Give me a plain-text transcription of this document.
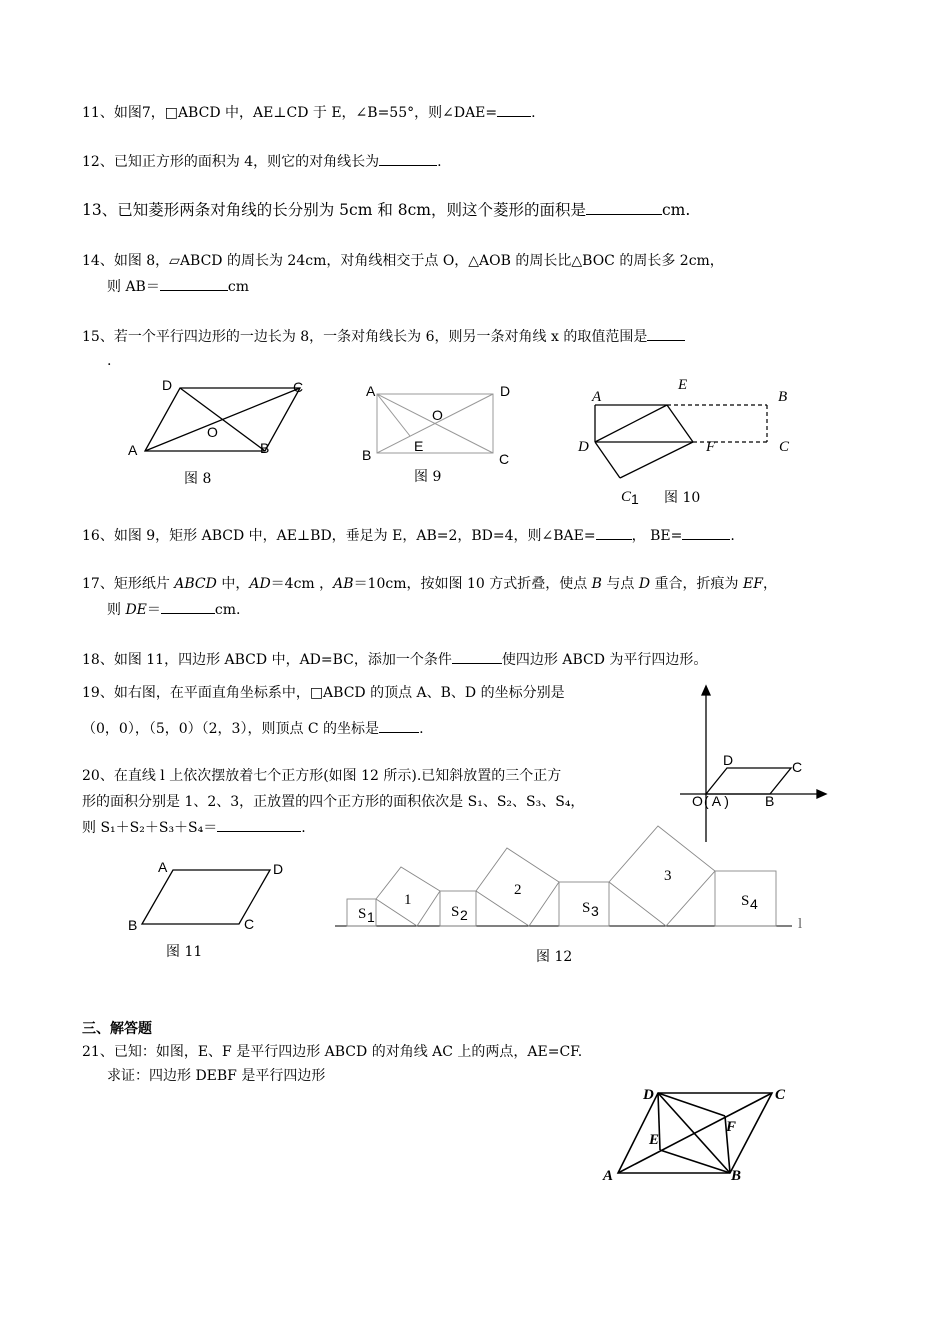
11、如图7，□ABCD 中，AE⊥CD 于 E，∠B=55°，则∠DAE= .
12、已知正方形的面积为 4，则它的对角线长为	.
13、已知菱形两条对角线的长分别为 5cm 和 8cm，则这个菱形的面积是	cm.
14、如图 8，▱ABCD 的周长为 24cm，对角线相交于点 O，△AOB 的周长比△BOC 的周长多 2cm，
则 AB＝	cm
15、若一个平行四边形的一边长为 8，一条对角线长为 6，则另一条对角线 x 的取值范围是
.
D	C
A	B
O
图 8
A	D
B	C
O
E
图 9
A
E
B
D	F	C
C 1 图 10
16、如图 9，矩形 ABCD 中，AE⊥BD，垂足为 E，AB=2，BD=4，则∠BAE=	， BE=	.
17、矩形纸片 ABCD 中，AD＝4cm ，AB＝10cm，按如图 10 方式折叠，使点 B 与点 D 重合，折痕为 EF，
则 DE＝	cm.
18、如图 11，四边形 ABCD 中，AD=BC，添加一个条件	使四边形 ABCD 为平行四边形。
19、如右图，在平面直角坐标系中，□ABCD 的顶点 A、B、D 的坐标分别是
（0，0），（5，0）（2，3），则顶点 C 的坐标是	.
D	C
B
O ( A )
20、在直线 l 上依次摆放着七个正方形(如图 12 所示).已知斜放置的三个正方
形的面积分别是 1、2、3，正放置的四个正方形的面积依次是 S₁、S₂、S₃、S₄，
则 S₁＋S₂＋S₃＋S₄＝	.
A	D
B	C
图 11
S 1
1
S 2
2
S 3
3
S 4
l
图 12
三、解答题
21、已知：如图，E、F 是平行四边形 ABCD 的对角线 AC 上的两点，AE=CF.
求证：四边形 DEBF 是平行四边形
D	C
A	B
E
F
